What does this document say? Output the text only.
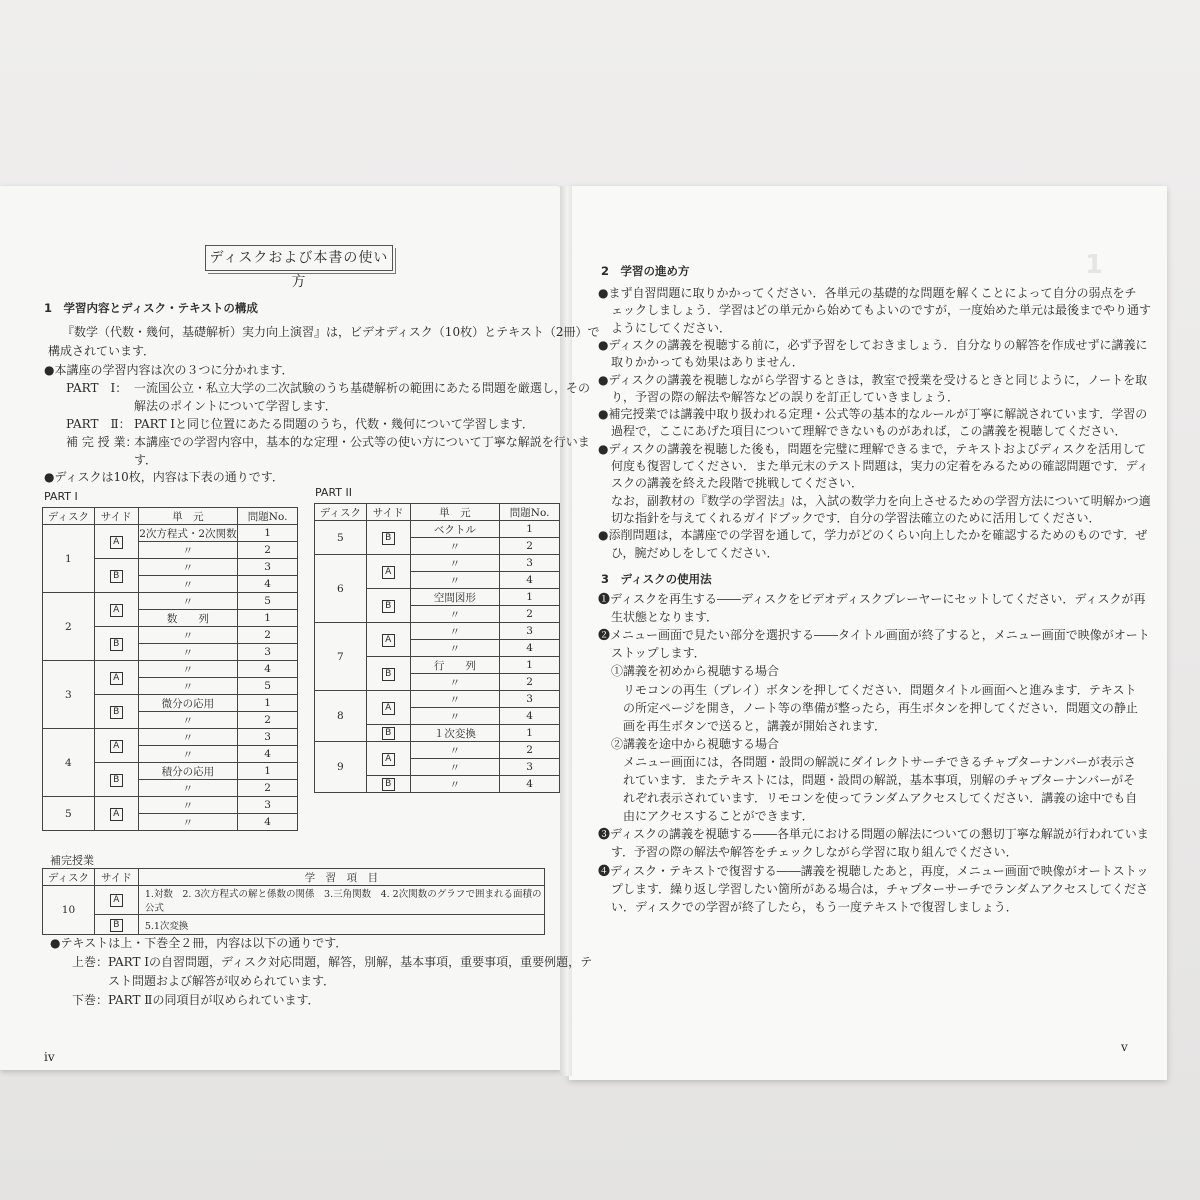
1
ディスクおよび本書の使い方
1　学習内容とディスク・テキストの構成
『数学（代数・幾何，基礎解析）実力向上演習』は，ビデオディスク（10枚）とテキスト（2冊）で
構成されています．
●本講座の学習内容は次の３つに分かれます．
PART　Ⅰ： 一流国公立・私立大学の二次試験のうち基礎解析の範囲にあたる問題を厳選し，その
解法のポイントについて学習します．
PART　Ⅱ： PART Ⅰと同じ位置にあたる問題のうち，代数・幾何について学習します．
補 完 授 業：
本講座での学習内容中，基本的な定理・公式等の使い方について丁寧な解説を行いま
す．
●ディスクは10枚，内容は下表の通りです．
PART I	PART II
ディスク	サイド	単　元	問題No.
1	A	2次方程式・2次関数	1
		〃	2
	B	〃	3
		〃	4
2	A	〃	5
		数　　列	1
	B	〃	2
		〃	3
3	A	〃	4
		〃	5
	B	微分の応用	1
		〃	2
4	A	〃	3
		〃	4
	B	積分の応用	1
		〃	2
5	A	〃	3
		〃	4
ディスク	サイド	単　元	問題No.
5	B	ベクトル	1
		〃	2
6	A	〃	3
		〃	4
	B	空間図形	1
		〃	2
7	A	〃	3
		〃	4
	B	行　　列	1
		〃	2
8	A	〃	3
		〃	4
	B	１次変換	1
9	A	〃	2
		〃	3
	B	〃	4
補完授業
ディスク	サイド	学　習　項　目
10	A	1.対数　2. 3次方程式の解と係数の関係　3.三角関数　4. 2次関数のグラフで囲まれる面積の公式
	B	5.1次変換
●テキストは上・下巻全２冊，内容は以下の通りです．
上巻： PART Ⅰの自習問題，ディスク対応問題，解答，別解，基本事項，重要事項，重要例題，テ
スト問題および解答が収められています．
下巻： PART Ⅱの同項目が収められています．
iv
2　学習の進め方
●まず自習問題に取りかかってください．各単元の基礎的な問題を解くことによって自分の弱点をチ
ェックしましょう．学習はどの単元から始めてもよいのですが，一度始めた単元は最後までやり通す
ようにしてください．
●ディスクの講義を視聴する前に，必ず予習をしておきましょう．自分なりの解答を作成せずに講義に
取りかかっても効果はありません．
●ディスクの講義を視聴しながら学習するときは，教室で授業を受けるときと同じように，ノートを取
り，予習の際の解法や解答などの誤りを訂正していきましょう．
●補完授業では講義中取り扱われる定理・公式等の基本的なルールが丁寧に解説されています．学習の
過程で，ここにあげた項目について理解できないものがあれば，この講義を視聴してください．
●ディスクの講義を視聴した後も，問題を完璧に理解できるまで，テキストおよびディスクを活用して
何度も復習してください．また単元末のテスト問題は，実力の定着をみるための確認問題です．ディ
スクの講義を終えた段階で挑戦してください．
なお，副教材の『数学の学習法』は，入試の数学力を向上させるための学習方法について明解かつ適
切な指針を与えてくれるガイドブックです．自分の学習法確立のために活用してください．
●添削問題は，本講座での学習を通して，学力がどのくらい向上したかを確認するためのものです．ぜ
ひ，腕だめしをしてください．
3　ディスクの使用法
❶ディスクを再生する――ディスクをビデオディスクプレーヤーにセットしてください．ディスクが再
生状態となります．
❷メニュー画面で見たい部分を選択する――タイトル画面が終了すると，メニュー画面で映像がオート
ストップします．
①講義を初めから視聴する場合
リモコンの再生（プレイ）ボタンを押してください．問題タイトル画面へと進みます．テキスト
の所定ページを開き，ノート等の準備が整ったら，再生ボタンを押してください．問題文の静止
画を再生ボタンで送ると，講義が開始されます．
②講義を途中から視聴する場合
メニュー画面には，各問題・設問の解説にダイレクトサーチできるチャプターナンバーが表示さ
れています．またテキストには，問題・設問の解説，基本事項，別解のチャプターナンバーがそ
れぞれ表示されています．リモコンを使ってランダムアクセスしてください．講義の途中でも自
由にアクセスすることができます．
❸ディスクの講義を視聴する――各単元における問題の解法についての懇切丁寧な解説が行われていま
す．予習の際の解法や解答をチェックしながら学習に取り組んでください．
❹ディスク・テキストで復習する――講義を視聴したあと，再度，メニュー画面で映像がオートストッ
プします．繰り返し学習したい箇所がある場合は，チャプターサーチでランダムアクセスしてくださ
い．ディスクでの学習が終了したら，もう一度テキストで復習しましょう．
v
